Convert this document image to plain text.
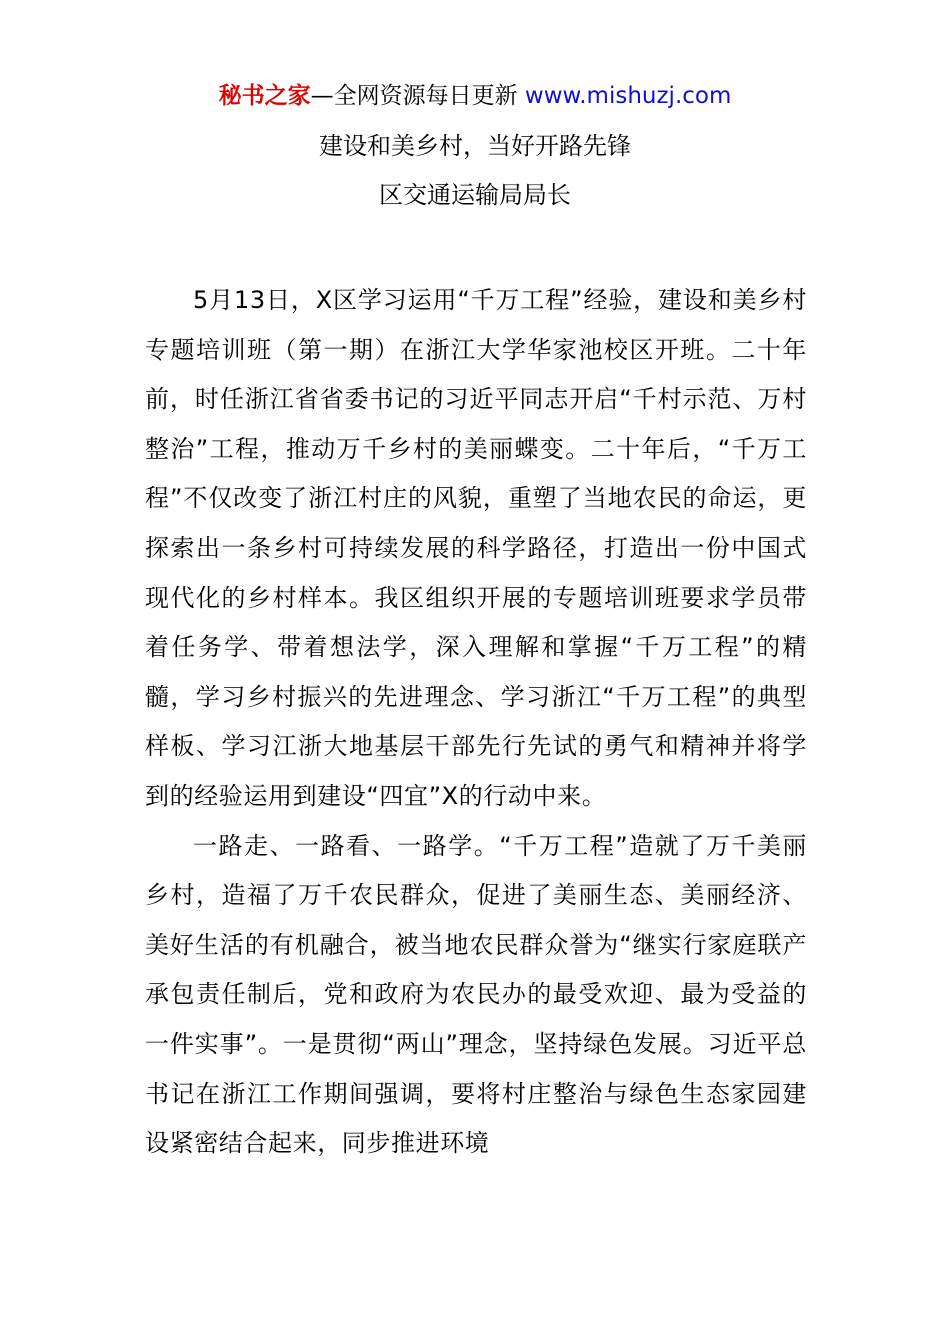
秘书之家—全网资源每日更新 www.mishuzj.com
建设和美乡村，当好开路先锋
区交通运输局局长

5月13日，X区学习运用“千万工程”经验，建设和美乡村专题培训班（第一期）在浙江大学华家池校区开班。二十年前，时任浙江省省委书记的习近平同志开启“千村示范、万村整治”工程，推动万千乡村的美丽蝶变。二十年后，“千万工程”不仅改变了浙江村庄的风貌，重塑了当地农民的命运，更探索出一条乡村可持续发展的科学路径，打造出一份中国式现代化的乡村样本。我区组织开展的专题培训班要求学员带着任务学、带着想法学，深入理解和掌握“千万工程”的精髓，学习乡村振兴的先进理念、学习浙江“千万工程”的典型样板、学习江浙大地基层干部先行先试的勇气和精神并将学到的经验运用到建设“四宜”X的行动中来。

一路走、一路看、一路学。“千万工程”造就了万千美丽乡村，造福了万千农民群众，促进了美丽生态、美丽经济、美好生活的有机融合，被当地农民群众誉为“继实行家庭联产承包责任制后，党和政府为农民办的最受欢迎、最为受益的一件实事”。一是贯彻“两山”理念，坚持绿色发展。习近平总书记在浙江工作期间强调，要将村庄整治与绿色生态家园建设紧密结合起来，同步推进环境
